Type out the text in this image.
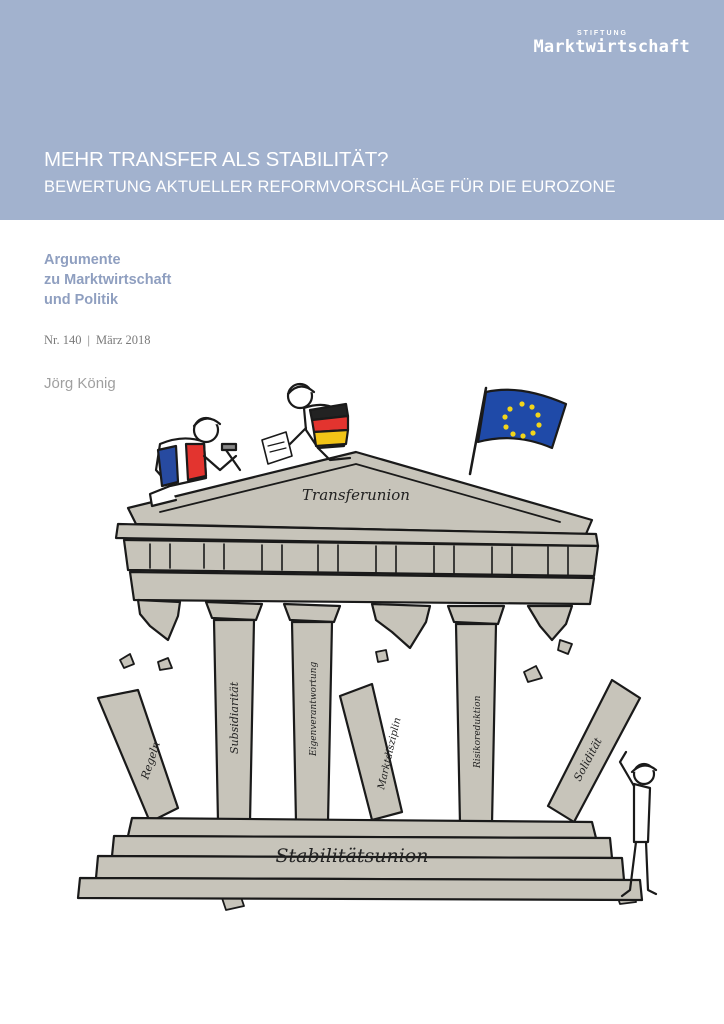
STIFTUNG
Marktwirtschaft
MEHR TRANSFER ALS STABILITÄT?
BEWERTUNG AKTUELLER REFORMVORSCHLÄGE FÜR DIE EUROZONE
Argumente
zu Marktwirtschaft
und Politik
Nr. 140 | März 2018
Jörg König
Transferunion
Stabilitätsunion
Regeln
Subsidiarität	Eigenverantwortung	Marktdisziplin	Risikoreduktion	Solidität
